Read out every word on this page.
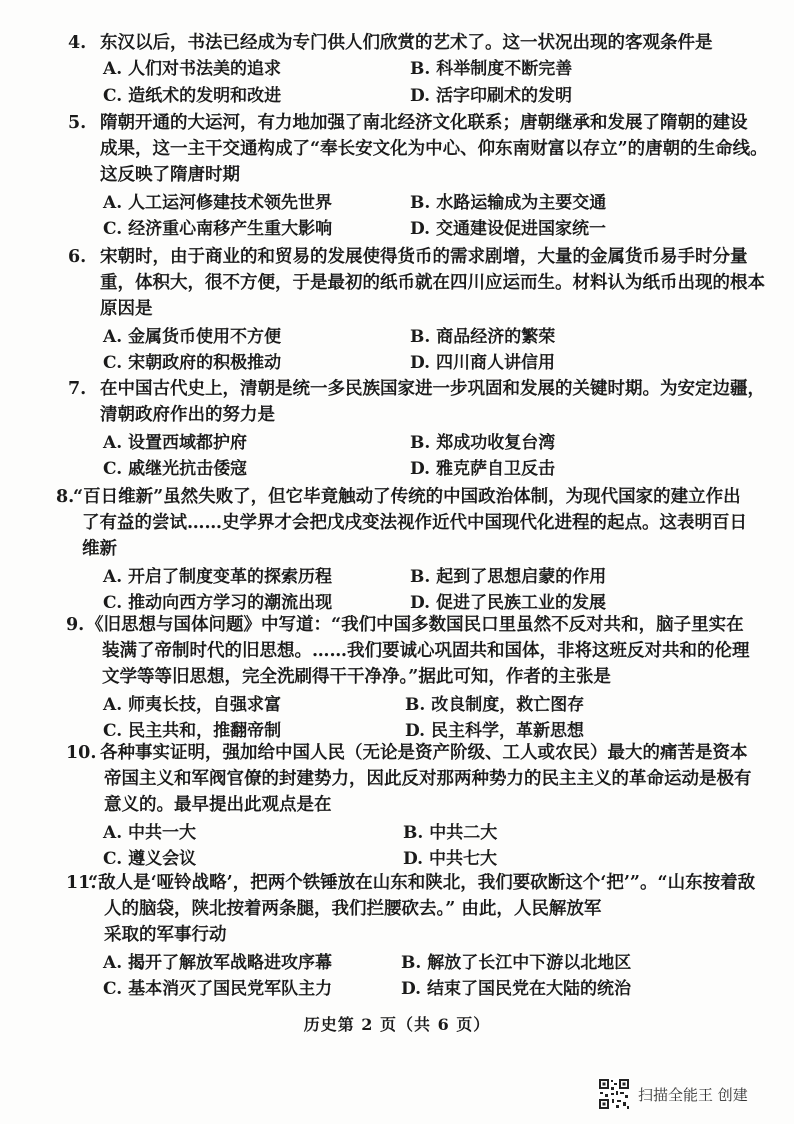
4. 东汉以后，书法已经成为专门供人们欣赏的艺术了。这一状况出现的客观条件是
A. 人们对书法美的追求	B. 科举制度不断完善
C. 造纸术的发明和改进	D. 活字印刷术的发明
5. 隋朝开通的大运河，有力地加强了南北经济文化联系；唐朝继承和发展了隋朝的建设
成果，这一主干交通构成了“奉长安文化为中心、仰东南财富以存立”的唐朝的生命线。
这反映了隋唐时期
A. 人工运河修建技术领先世界	B. 水路运输成为主要交通
C. 经济重心南移产生重大影响	D. 交通建设促进国家统一
6. 宋朝时，由于商业的和贸易的发展使得货币的需求剧增，大量的金属货币易手时分量
重，体积大，很不方便，于是最初的纸币就在四川应运而生。材料认为纸币出现的根本
原因是
A. 金属货币使用不方便	B. 商品经济的繁荣
C. 宋朝政府的积极推动	D. 四川商人讲信用
7. 在中国古代史上，清朝是统一多民族国家进一步巩固和发展的关键时期。为安定边疆，
清朝政府作出的努力是
A. 设置西域都护府	B. 郑成功收复台湾
C. 戚继光抗击倭寇	D. 雅克萨自卫反击
8.
“百日维新”虽然失败了，但它毕竟触动了传统的中国政治体制，为现代国家的建立作出
了有益的尝试……史学界才会把戊戌变法视作近代中国现代化进程的起点。这表明百日
维新
A. 开启了制度变革的探索历程	B. 起到了思想启蒙的作用
C. 推动向西方学习的潮流出现	D. 促进了民族工业的发展
9. 《旧思想与国体问题》中写道：“我们中国多数国民口里虽然不反对共和，脑子里实在
装满了帝制时代的旧思想。……我们要诚心巩固共和国体，非将这班反对共和的伦理
文学等等旧思想，完全洗刷得干干净净。”据此可知，作者的主张是
A. 师夷长技，自强求富	B. 改良制度，救亡图存
C. 民主共和，推翻帝制	D. 民主科学，革新思想
10. 各种事实证明，强加给中国人民（无论是资产阶级、工人或农民）最大的痛苦是资本
帝国主义和军阀官僚的封建势力，因此反对那两种势力的民主主义的革命运动是极有
意义的。最早提出此观点是在
A. 中共一大	B. 中共二大
C. 遵义会议	D. 中共七大
11.
“敌人是‘哑铃战略’，把两个铁锤放在山东和陕北，我们要砍断这个‘把’”。“山东按着敌
人的脑袋，陕北按着两条腿，我们拦腰砍去。” 由此，人民解放军
采取的军事行动
A. 揭开了解放军战略进攻序幕	B. 解放了长江中下游以北地区
C. 基本消灭了国民党军队主力	D. 结束了国民党在大陆的统治
历史第 2 页（共 6 页）
扫描全能王 创建
